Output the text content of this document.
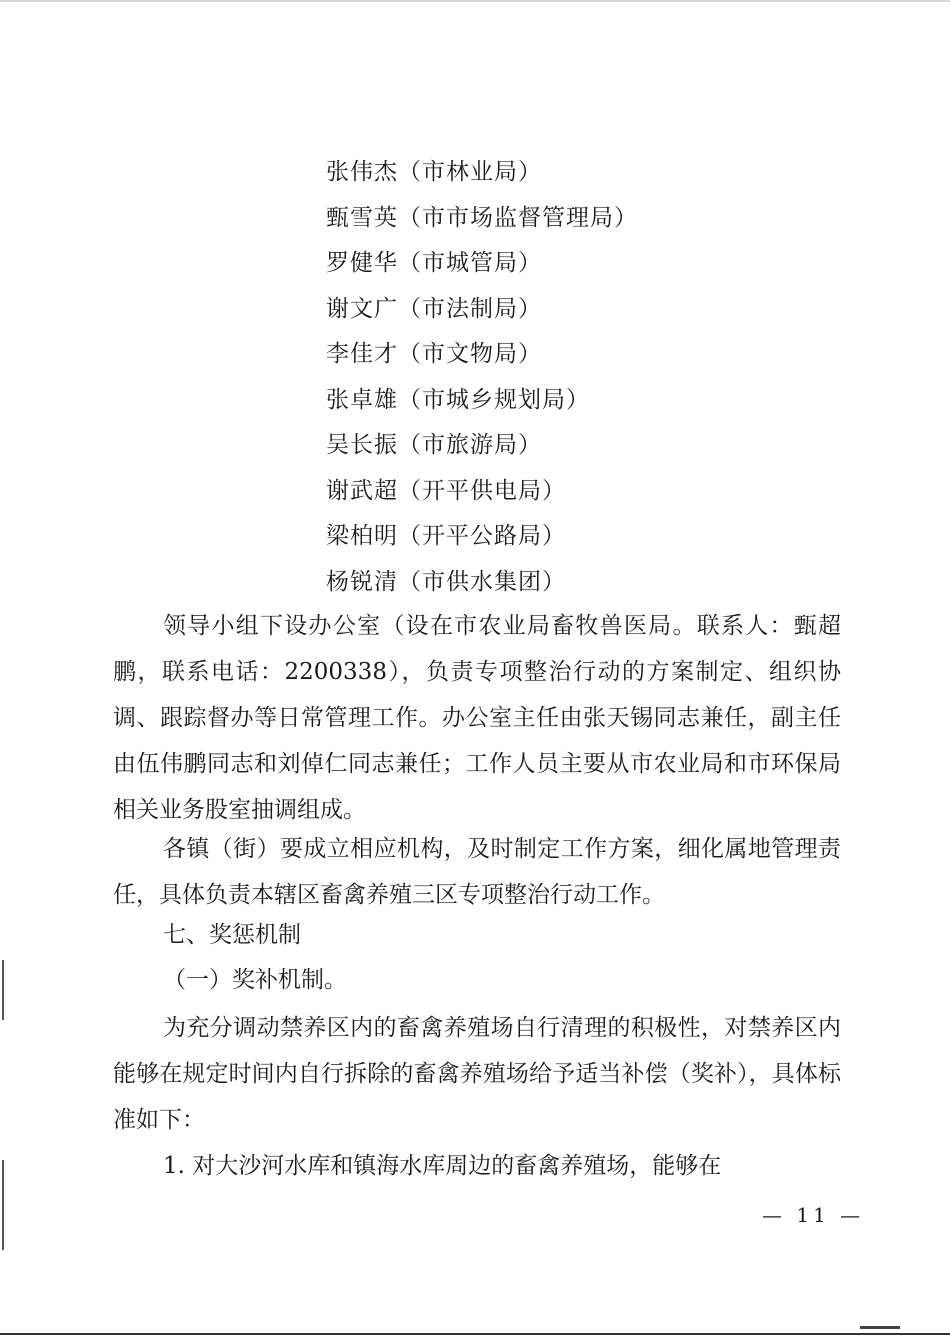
张伟杰（市林业局）
甄雪英（市市场监督管理局）
罗健华（市城管局）
谢文广（市法制局）
李佳才（市文物局）
张卓雄（市城乡规划局）
吴长振（市旅游局）
谢武超（开平供电局）
梁柏明（开平公路局）
杨锐清（市供水集团）
领导小组下设办公室（设在市农业局畜牧兽医局。联系人：甄超鹏，联系电话：2200338），负责专项整治行动的方案制定、组织协调、跟踪督办等日常管理工作。办公室主任由张天锡同志兼任，副主任由伍伟鹏同志和刘倬仁同志兼任；工作人员主要从市农业局和市环保局相关业务股室抽调组成。
各镇（街）要成立相应机构，及时制定工作方案，细化属地管理责任，具体负责本辖区畜禽养殖三区专项整治行动工作。
七、奖惩机制
（一）奖补机制。
为充分调动禁养区内的畜禽养殖场自行清理的积极性，对禁养区内能够在规定时间内自行拆除的畜禽养殖场给予适当补偿（奖补），具体标准如下：
1. 对大沙河水库和镇海水库周边的畜禽养殖场，能够在
— 11 —
